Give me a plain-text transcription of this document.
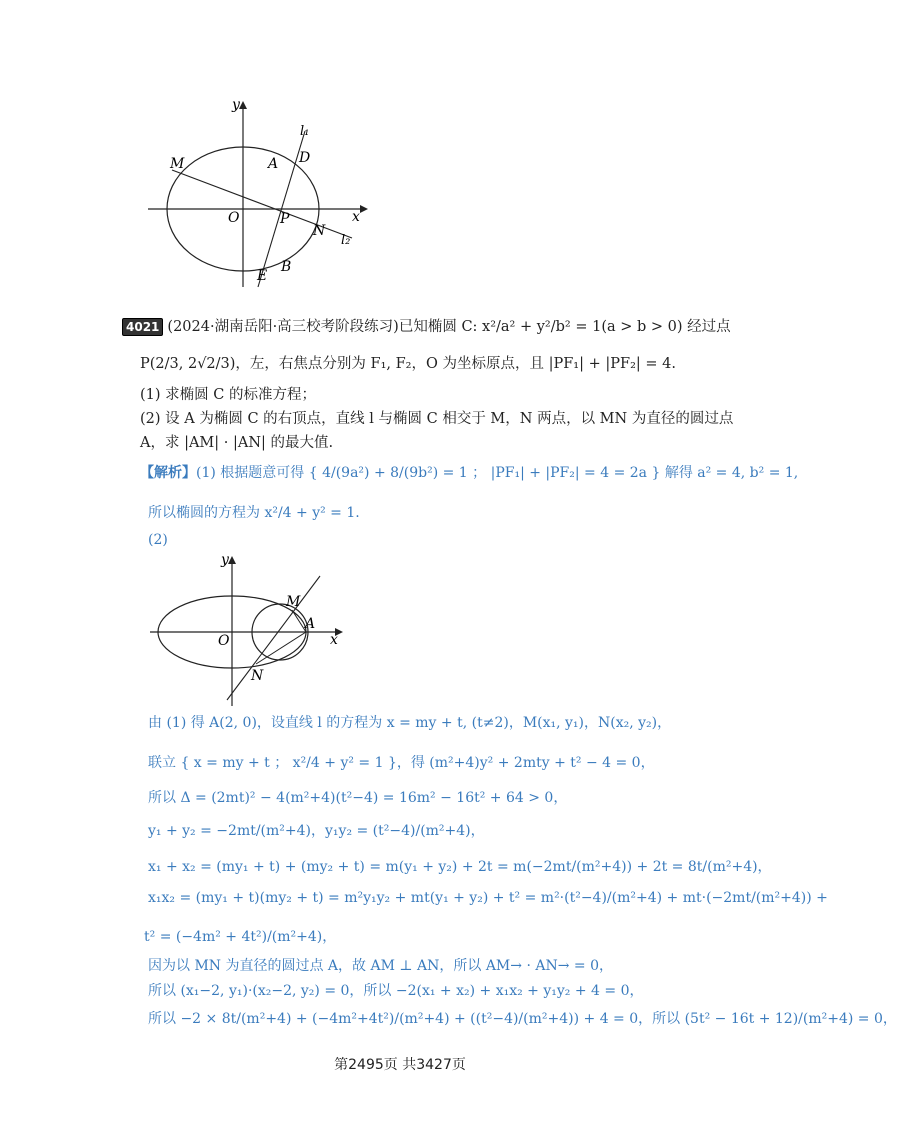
y
x
O
M	A D
l₁
P
N
l₂
E
B
4021 (2024·湖南岳阳·高三校考阶段练习)已知椭圆 C: x²/a² + y²/b² = 1(a > b > 0) 经过点
P(2/3, 2√2/3)，左，右焦点分别为 F₁, F₂，O 为坐标原点，且 |PF₁| + |PF₂| = 4.
(1) 求椭圆 C 的标准方程；
(2) 设 A 为椭圆 C 的右顶点，直线 l 与椭圆 C 相交于 M，N 两点，以 MN 为直径的圆过点
A，求 |AM| · |AN| 的最大值.
【解析】(1) 根据题意可得 { 4/(9a²) + 8/(9b²) = 1 ； |PF₁| + |PF₂| = 4 = 2a } 解得 a² = 4, b² = 1,
所以椭圆的方程为 x²/4 + y² = 1.
(2)
y
x
O
M
A
N
由 (1) 得 A(2, 0)，设直线 l 的方程为 x = my + t, (t≠2)，M(x₁, y₁)，N(x₂, y₂)，
联立 { x = my + t ； x²/4 + y² = 1 }，得 (m²+4)y² + 2mty + t² − 4 = 0，
所以 Δ = (2mt)² − 4(m²+4)(t²−4) = 16m² − 16t² + 64 > 0，
y₁ + y₂ = −2mt/(m²+4)，y₁y₂ = (t²−4)/(m²+4)，
x₁ + x₂ = (my₁ + t) + (my₂ + t) = m(y₁ + y₂) + 2t = m(−2mt/(m²+4)) + 2t = 8t/(m²+4)，
x₁x₂ = (my₁ + t)(my₂ + t) = m²y₁y₂ + mt(y₁ + y₂) + t² = m²·(t²−4)/(m²+4) + mt·(−2mt/(m²+4)) +
t² = (−4m² + 4t²)/(m²+4)，
因为以 MN 为直径的圆过点 A，故 AM ⊥ AN，所以 AM→ · AN→ = 0，
所以 (x₁−2, y₁)·(x₂−2, y₂) = 0，所以 −2(x₁ + x₂) + x₁x₂ + y₁y₂ + 4 = 0，
所以 −2 × 8t/(m²+4) + (−4m²+4t²)/(m²+4) + ((t²−4)/(m²+4)) + 4 = 0，所以 (5t² − 16t + 12)/(m²+4) = 0，
第2495页 共3427页
